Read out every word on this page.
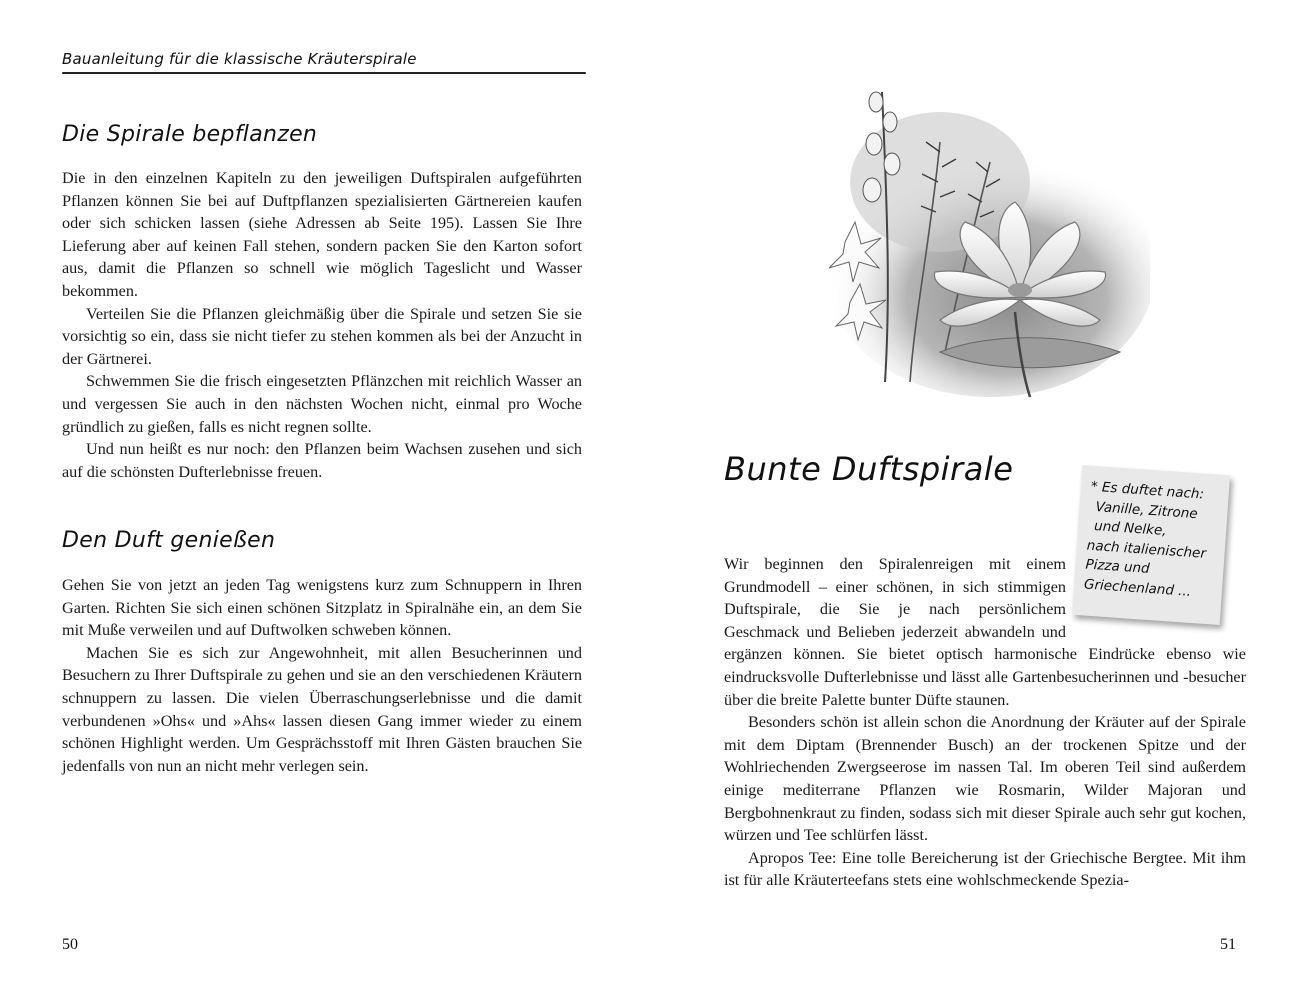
Bauanleitung für die klassische Kräuterspirale
Die Spirale bepflanzen

Die in den einzelnen Kapiteln zu den jeweiligen Duftspiralen aufgeführten Pflanzen können Sie bei auf Duftpflanzen spezialisierten Gärtnereien kaufen oder sich schicken lassen (siehe Adressen ab Seite 195). Lassen Sie Ihre Lieferung aber auf keinen Fall stehen, sondern packen Sie den Karton sofort aus, damit die Pflanzen so schnell wie möglich Tageslicht und Wasser bekommen.

Verteilen Sie die Pflanzen gleichmäßig über die Spirale und setzen Sie sie vorsichtig so ein, dass sie nicht tiefer zu stehen kommen als bei der Anzucht in der Gärtnerei.

Schwemmen Sie die frisch eingesetzten Pflänzchen mit reichlich Wasser an und vergessen Sie auch in den nächsten Wochen nicht, einmal pro Woche gründlich zu gießen, falls es nicht regnen sollte.

Und nun heißt es nur noch: den Pflanzen beim Wachsen zusehen und sich auf die schönsten Dufterlebnisse freuen.

Den Duft genießen

Gehen Sie von jetzt an jeden Tag wenigstens kurz zum Schnuppern in Ihren Garten. Richten Sie sich einen schönen Sitzplatz in Spiralnähe ein, an dem Sie mit Muße verweilen und auf Duftwolken schweben können.

Machen Sie es sich zur Angewohnheit, mit allen Besucherinnen und Besuchern zu Ihrer Duftspirale zu gehen und sie an den verschiedenen Kräutern schnuppern zu lassen. Die vielen Überraschungserlebnisse und die damit verbundenen »Ohs« und »Ahs« lassen diesen Gang immer wieder zu einem schönen Highlight werden. Um Gesprächsstoff mit Ihren Gästen brauchen Sie jedenfalls von nun an nicht mehr verlegen sein.

50
Bunte Duftspirale
* Es duftet nach:
Vanille, Zitrone
und Nelke,
nach italienischer
Pizza und
Griechenland ...

Wir beginnen den Spiralenreigen mit einem Grundmodell – einer schönen, in sich stimmigen Duftspirale, die Sie je nach persönlichem Geschmack und Belieben jederzeit abwandeln und ergänzen können. Sie bietet optisch harmonische Eindrücke ebenso wie eindrucksvolle Dufterlebnisse und lässt alle Gartenbesucherinnen und -besucher über die breite Palette bunter Düfte staunen.

Besonders schön ist allein schon die Anordnung der Kräuter auf der Spirale mit dem Diptam (Brennender Busch) an der trockenen Spitze und der Wohlriechenden Zwergseerose im nassen Tal. Im oberen Teil sind außerdem einige mediterrane Pflanzen wie Rosmarin, Wilder Majoran und Bergbohnenkraut zu finden, sodass sich mit dieser Spirale auch sehr gut kochen, würzen und Tee schlürfen lässt.

Apropos Tee: Eine tolle Bereicherung ist der Griechische Bergtee. Mit ihm ist für alle Kräuterteefans stets eine wohlschmeckende Spezia-

51
